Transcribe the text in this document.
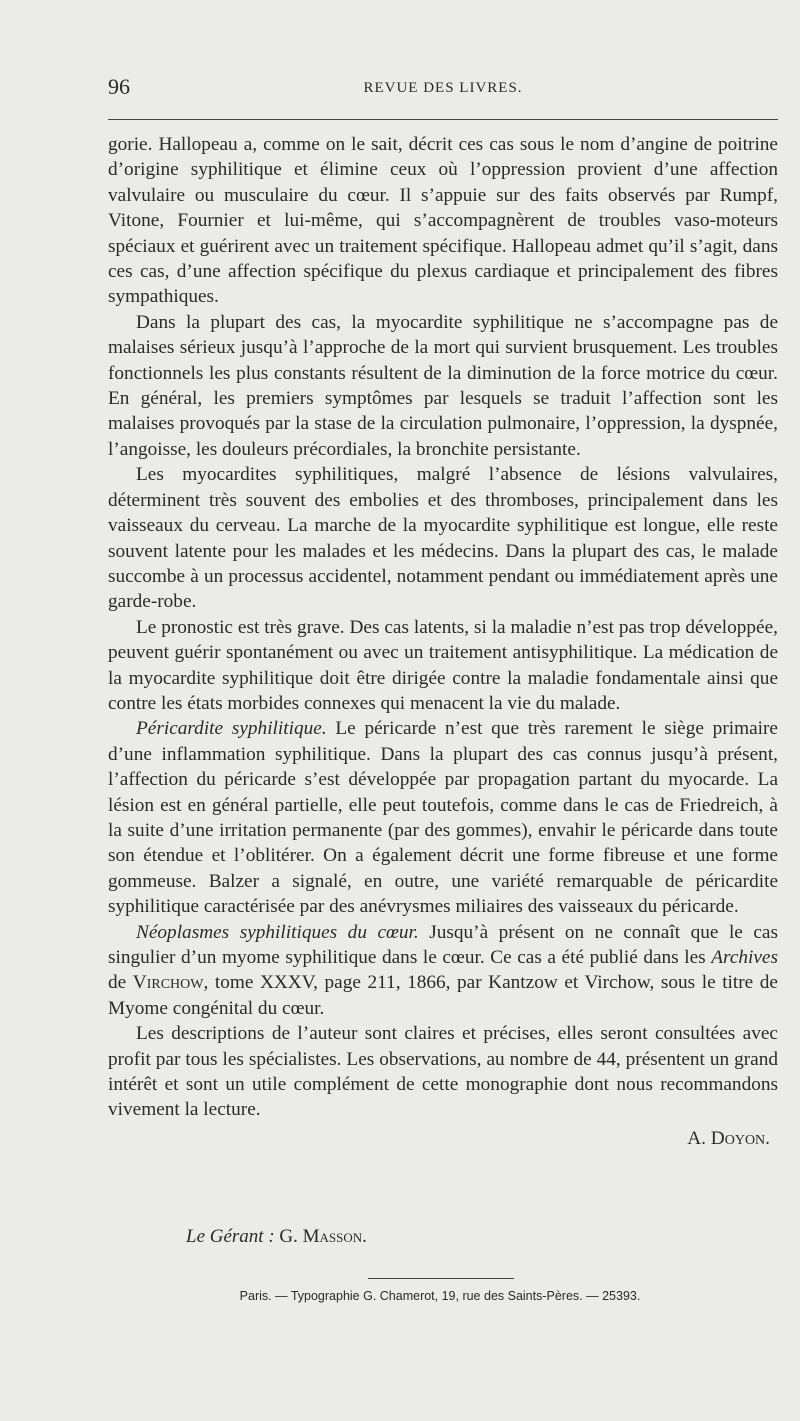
96	REVUE DES LIVRES.

gorie. Hallopeau a, comme on le sait, décrit ces cas sous le nom d’angine de poitrine d’origine syphilitique et élimine ceux où l’oppression provient d’une affection valvulaire ou musculaire du cœur. Il s’appuie sur des faits observés par Rumpf, Vitone, Fournier et lui-même, qui s’accompagnèrent de troubles vaso-moteurs spéciaux et guérirent avec un traitement spécifique. Hallopeau admet qu’il s’agit, dans ces cas, d’une affection spécifique du plexus cardiaque et principalement des fibres sympathiques.

Dans la plupart des cas, la myocardite syphilitique ne s’accompagne pas de malaises sérieux jusqu’à l’approche de la mort qui survient brusquement. Les troubles fonctionnels les plus constants résultent de la diminution de la force motrice du cœur. En général, les premiers symptômes par lesquels se traduit l’affection sont les malaises provoqués par la stase de la circulation pulmonaire, l’oppression, la dyspnée, l’angoisse, les douleurs précordiales, la bronchite persistante.

Les myocardites syphilitiques, malgré l’absence de lésions valvulaires, déterminent très souvent des embolies et des thromboses, principalement dans les vaisseaux du cerveau. La marche de la myocardite syphilitique est longue, elle reste souvent latente pour les malades et les médecins. Dans la plupart des cas, le malade succombe à un processus accidentel, notamment pendant ou immédiatement après une garde-robe.

Le pronostic est très grave. Des cas latents, si la maladie n’est pas trop développée, peuvent guérir spontanément ou avec un traitement antisyphilitique. La médication de la myocardite syphilitique doit être dirigée contre la maladie fondamentale ainsi que contre les états morbides connexes qui menacent la vie du malade.

Péricardite syphilitique. Le péricarde n’est que très rarement le siège primaire d’une inflammation syphilitique. Dans la plupart des cas connus jusqu’à présent, l’affection du péricarde s’est développée par propagation partant du myocarde. La lésion est en général partielle, elle peut toutefois, comme dans le cas de Friedreich, à la suite d’une irritation permanente (par des gommes), envahir le péricarde dans toute son étendue et l’oblitérer. On a également décrit une forme fibreuse et une forme gommeuse. Balzer a signalé, en outre, une variété remarquable de péricardite syphilitique caractérisée par des anévrysmes miliaires des vaisseaux du péricarde.

Néoplasmes syphilitiques du cœur. Jusqu’à présent on ne connaît que le cas singulier d’un myome syphilitique dans le cœur. Ce cas a été publié dans les Archives de Virchow, tome XXXV, page 211, 1866, par Kantzow et Virchow, sous le titre de Myome congénital du cœur.

Les descriptions de l’auteur sont claires et précises, elles seront consultées avec profit par tous les spécialistes. Les observations, au nombre de 44, présentent un grand intérêt et sont un utile complément de cette monographie dont nous recommandons vivement la lecture.

A. Doyon.
Le Gérant : G. Masson.
Paris. — Typographie G. Chamerot, 19, rue des Saints-Pères. — 25393.
